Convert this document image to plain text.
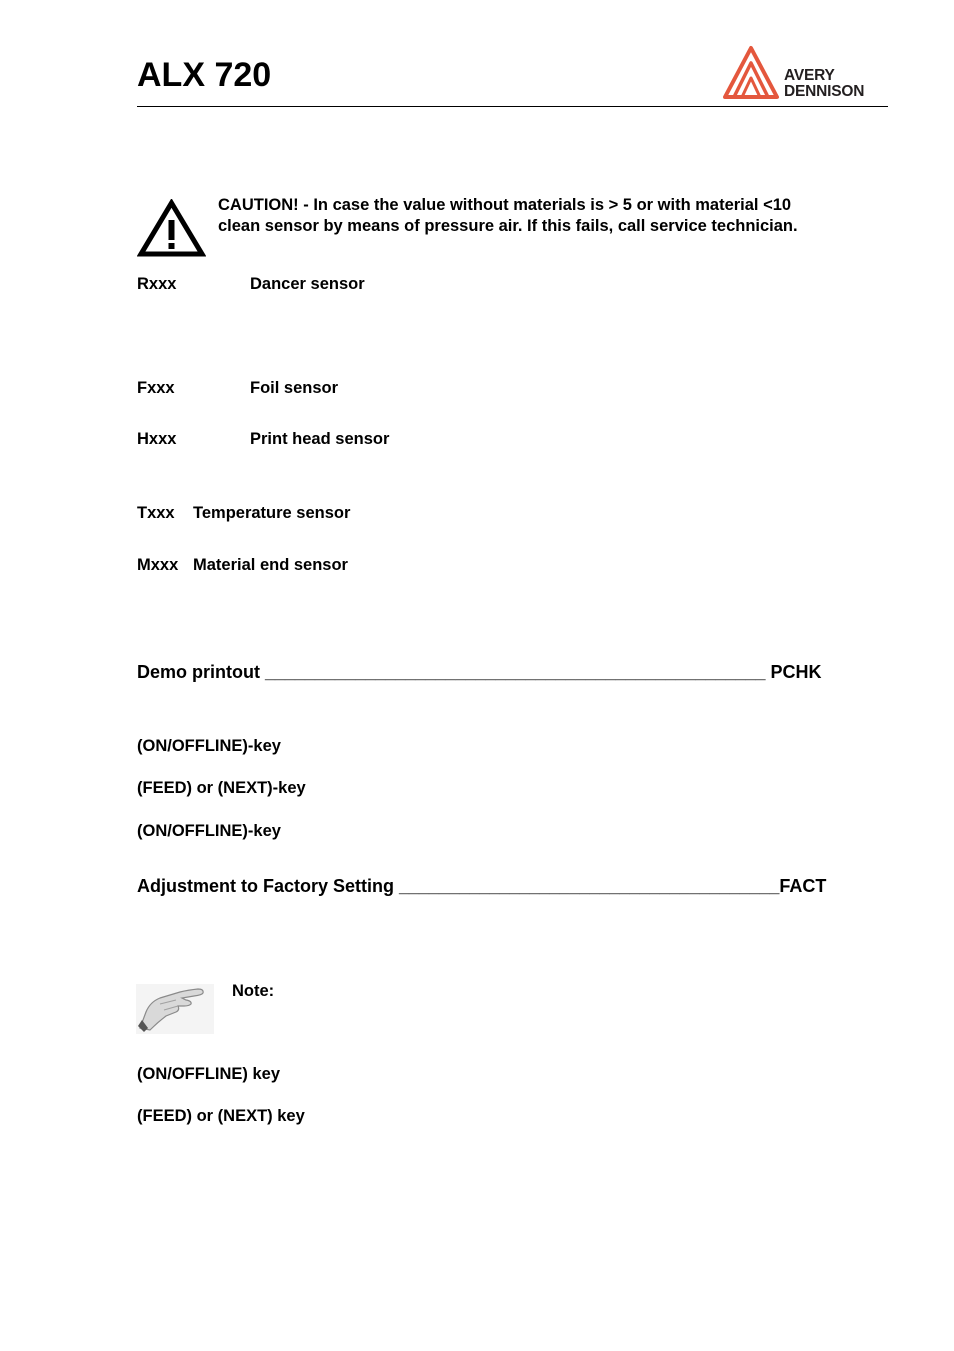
ALX 720	AVERY
DENNISON
CAUTION! - In case the value without materials is > 5 or with material <10
clean sensor by means of pressure air. If this fails, call service technician.
Rxxx	Dancer sensor
Fxxx	Foil sensor
Hxxx	Print head sensor
Txxx Temperature sensor
Mxxx Material end sensor
Demo printout __________________________________________________ PCHK
(ON/OFFLINE)-key
(FEED) or (NEXT)-key
(ON/OFFLINE)-key
Adjustment to Factory Setting ______________________________________FACT
Note:
(ON/OFFLINE) key
(FEED) or (NEXT) key
